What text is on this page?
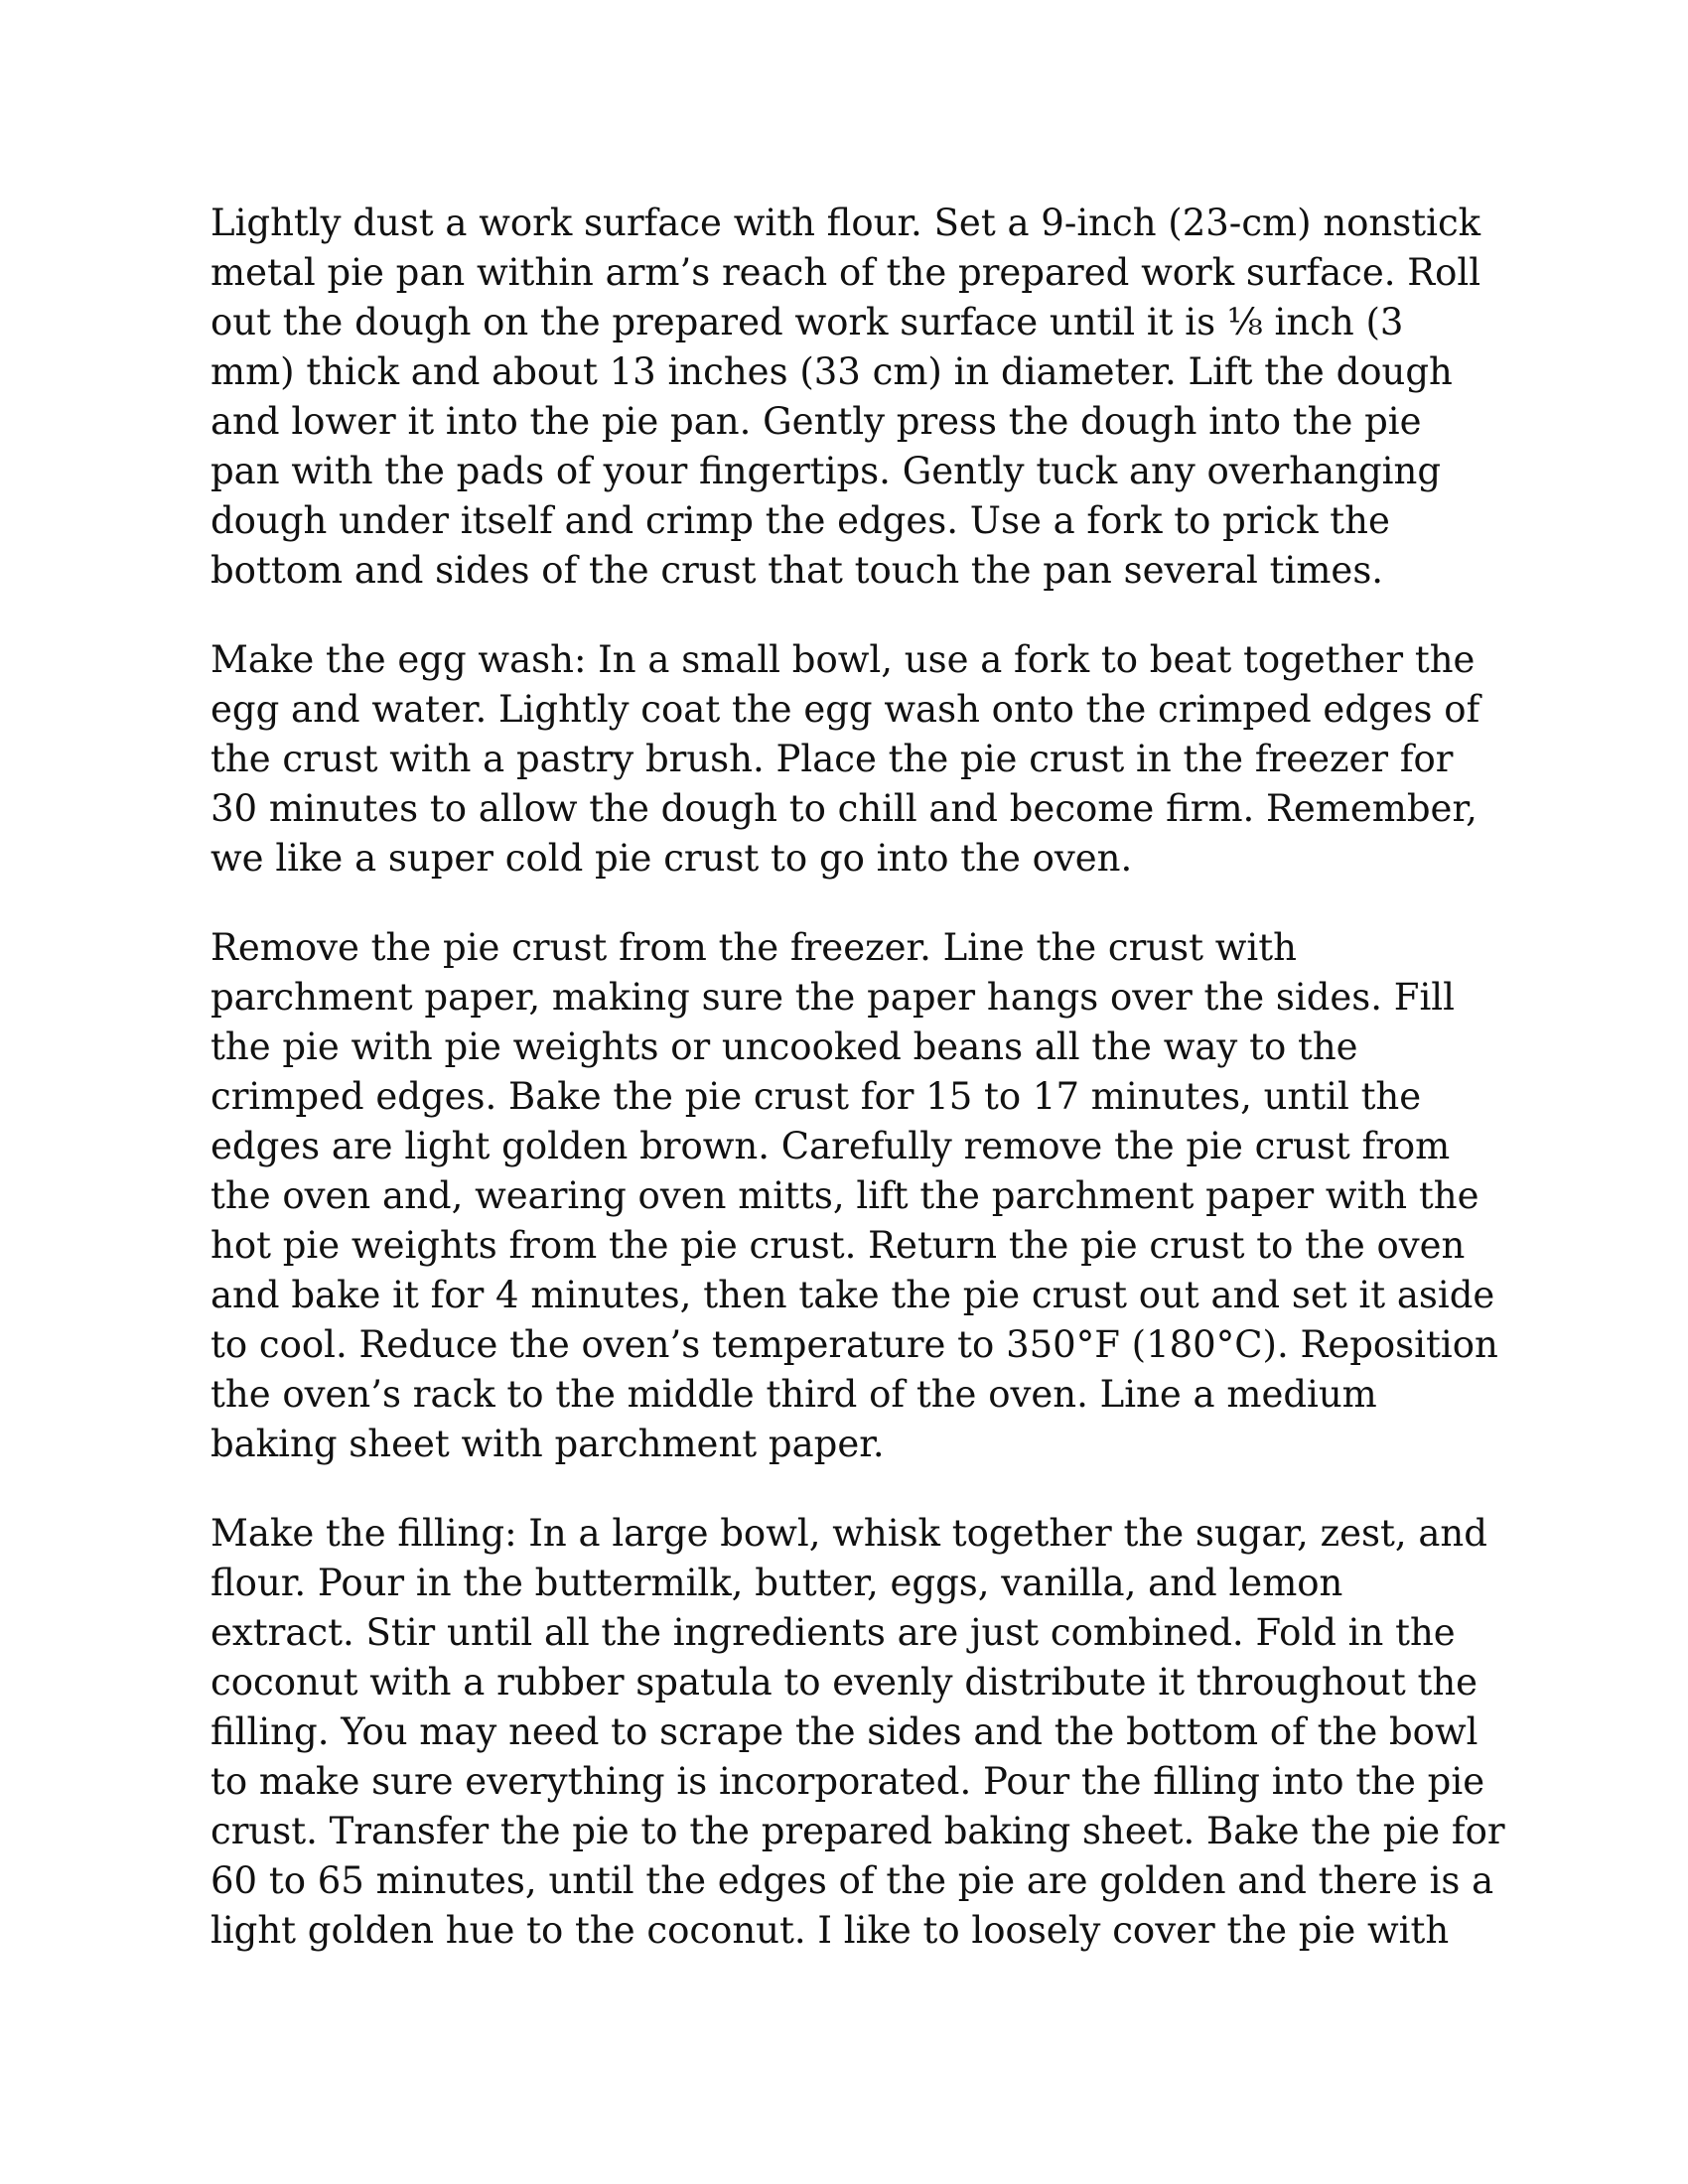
Lightly dust a work surface with flour. Set a 9-inch (23-cm) nonstick
metal pie pan within arm’s reach of the prepared work surface. Roll
out the dough on the prepared work surface until it is ⅛ inch (3
mm) thick and about 13 inches (33 cm) in diameter. Lift the dough
and lower it into the pie pan. Gently press the dough into the pie
pan with the pads of your fingertips. Gently tuck any overhanging
dough under itself and crimp the edges. Use a fork to prick the
bottom and sides of the crust that touch the pan several times.

Make the egg wash: In a small bowl, use a fork to beat together the
egg and water. Lightly coat the egg wash onto the crimped edges of
the crust with a pastry brush. Place the pie crust in the freezer for
30 minutes to allow the dough to chill and become firm. Remember,
we like a super cold pie crust to go into the oven.

Remove the pie crust from the freezer. Line the crust with
parchment paper, making sure the paper hangs over the sides. Fill
the pie with pie weights or uncooked beans all the way to the
crimped edges. Bake the pie crust for 15 to 17 minutes, until the
edges are light golden brown. Carefully remove the pie crust from
the oven and, wearing oven mitts, lift the parchment paper with the
hot pie weights from the pie crust. Return the pie crust to the oven
and bake it for 4 minutes, then take the pie crust out and set it aside
to cool. Reduce the oven’s temperature to 350°F (180°C). Reposition
the oven’s rack to the middle third of the oven. Line a medium
baking sheet with parchment paper.

Make the filling: In a large bowl, whisk together the sugar, zest, and
flour. Pour in the buttermilk, butter, eggs, vanilla, and lemon
extract. Stir until all the ingredients are just combined. Fold in the
coconut with a rubber spatula to evenly distribute it throughout the
filling. You may need to scrape the sides and the bottom of the bowl
to make sure everything is incorporated. Pour the filling into the pie
crust. Transfer the pie to the prepared baking sheet. Bake the pie for
60 to 65 minutes, until the edges of the pie are golden and there is a
light golden hue to the coconut. I like to loosely cover the pie with
